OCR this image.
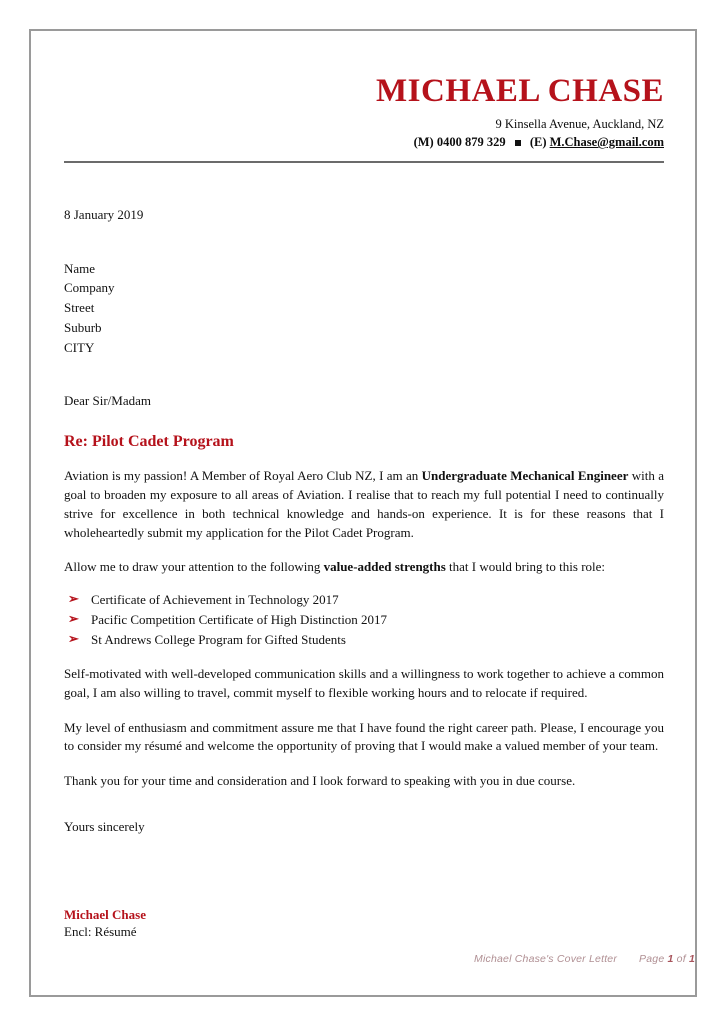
MICHAEL CHASE
9 Kinsella Avenue, Auckland, NZ
(M) 0400 879 329 (E) M.Chase@gmail.com
8 January 2019
Name
Company
Street
Suburb
CITY
Dear Sir/Madam
Re: Pilot Cadet Program

Aviation is my passion! A Member of Royal Aero Club NZ, I am an Undergraduate Mechanical Engineer with a goal to broaden my exposure to all areas of Aviation. I realise that to reach my full potential I need to continually strive for excellence in both technical knowledge and hands-on experience. It is for these reasons that I wholeheartedly submit my application for the Pilot Cadet Program.

Allow me to draw your attention to the following value-added strengths that I would bring to this role:

➢ Certificate of Achievement in Technology 2017
➢ Pacific Competition Certificate of High Distinction 2017
➢ St Andrews College Program for Gifted Students

Self-motivated with well-developed communication skills and a willingness to work together to achieve a common goal, I am also willing to travel, commit myself to flexible working hours and to relocate if required.

My level of enthusiasm and commitment assure me that I have found the right career path. Please, I encourage you to consider my résumé and welcome the opportunity of proving that I would make a valued member of your team.

Thank you for your time and consideration and I look forward to speaking with you in due course.

Yours sincerely
Michael Chase
Encl: Résumé
Michael Chase's Cover Letter Page 1 of 1
